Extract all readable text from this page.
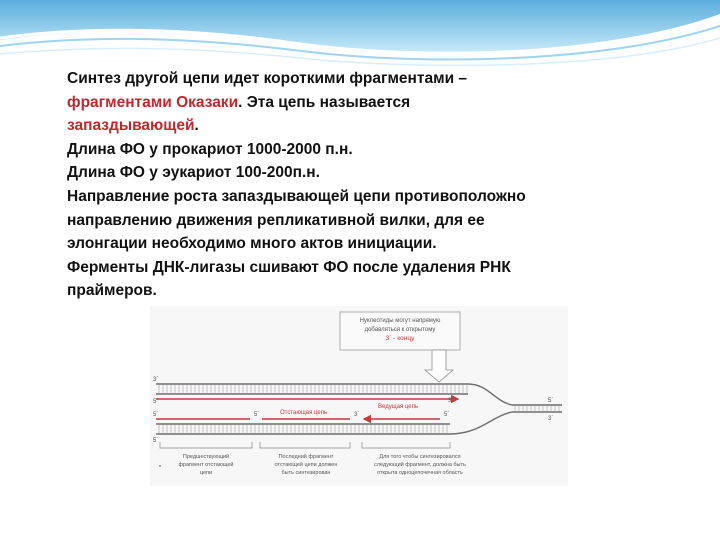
Синтез другой цепи идет короткими фрагментами –
фрагментами Оказаки. Эта цепь называется
запаздывающей.
Длина ФО у прокариот 1000-2000 п.н.
Длина ФО у эукариот 100-200п.н.
Направление роста запаздывающей цепи противоположно
направлению движения репликативной вилки, для ее
элонгации необходимо много актов инициации.
Ферменты ДНК-лигазы сшивают ФО после удаления РНК
праймеров.
Нуклеотиды могут напрямую
добавляться к открытому
3´ - концу
3´
5´
5´
5´
5´
3´
3´
5´	3´	5´
Отстающая цепь
Ведущая цепь
Предшествующий
фрагмент отстающей
цепи
Последний фрагмент
отстающей цепи должен
быть синтезирован
Для того чтобы синтезировался
следующий фрагмент, должна быть
открыта одноцепочечная область
